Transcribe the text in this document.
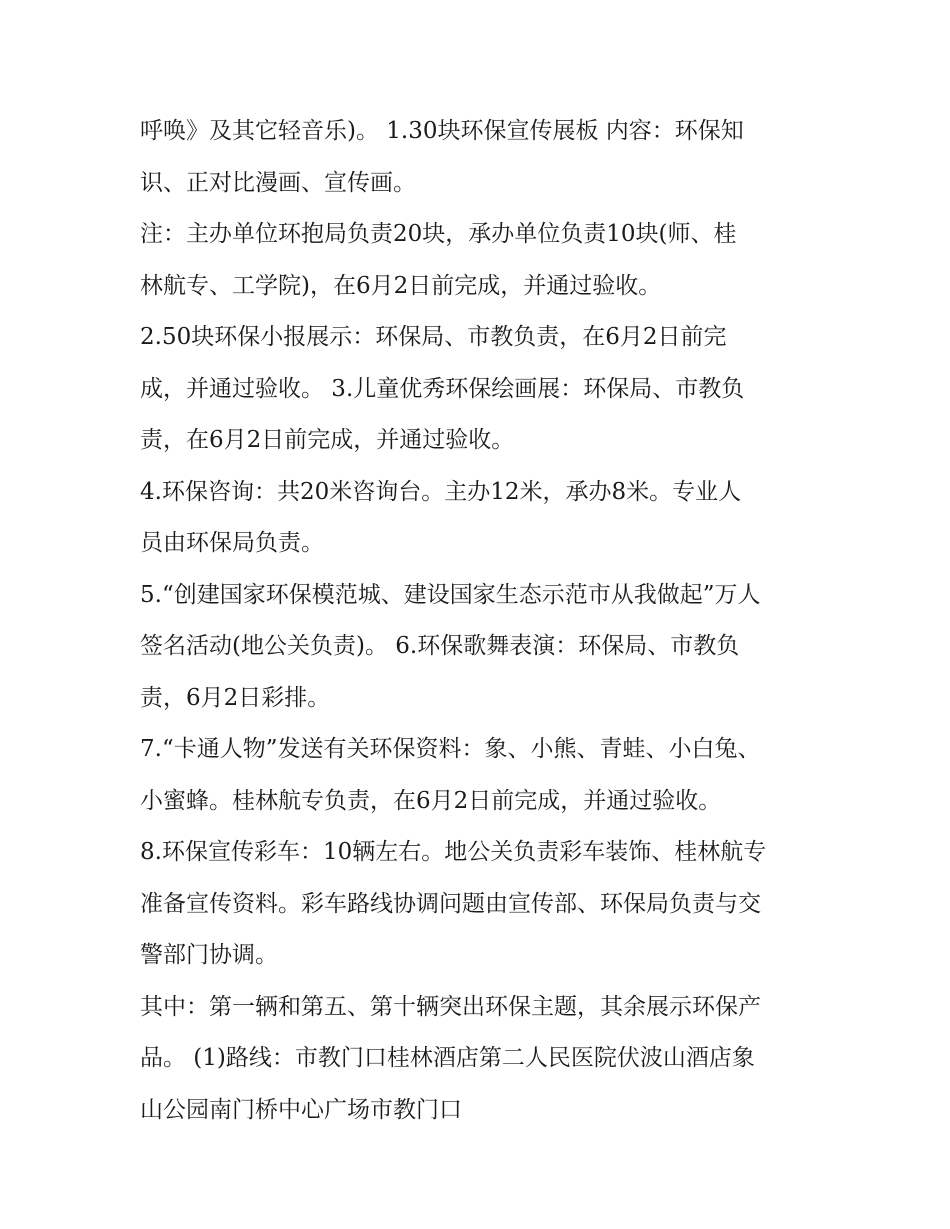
呼唤》及其它轻音乐)。 1.30块环保宣传展板 内容：环保知
识、正对比漫画、宣传画。
注：主办单位环抱局负责20块，承办单位负责10块(师、桂
林航专、工学院)，在6月2日前完成，并通过验收。
2.50块环保小报展示：环保局、市教负责，在6月2日前完
成，并通过验收。 3.儿童优秀环保绘画展：环保局、市教负
责，在6月2日前完成，并通过验收。
4.环保咨询：共20米咨询台。主办12米，承办8米。专业人
员由环保局负责。
5.“创建国家环保模范城、建设国家生态示范市从我做起”万人
签名活动(地公关负责)。 6.环保歌舞表演：环保局、市教负
责，6月2日彩排。
7.“卡通人物”发送有关环保资料：象、小熊、青蛙、小白兔、
小蜜蜂。桂林航专负责，在6月2日前完成，并通过验收。
8.环保宣传彩车：10辆左右。地公关负责彩车装饰、桂林航专
准备宣传资料。彩车路线协调问题由宣传部、环保局负责与交
警部门协调。
其中：第一辆和第五、第十辆突出环保主题，其余展示环保产
品。 (1)路线：市教门口桂林酒店第二人民医院伏波山酒店象
山公园南门桥中心广场市教门口
